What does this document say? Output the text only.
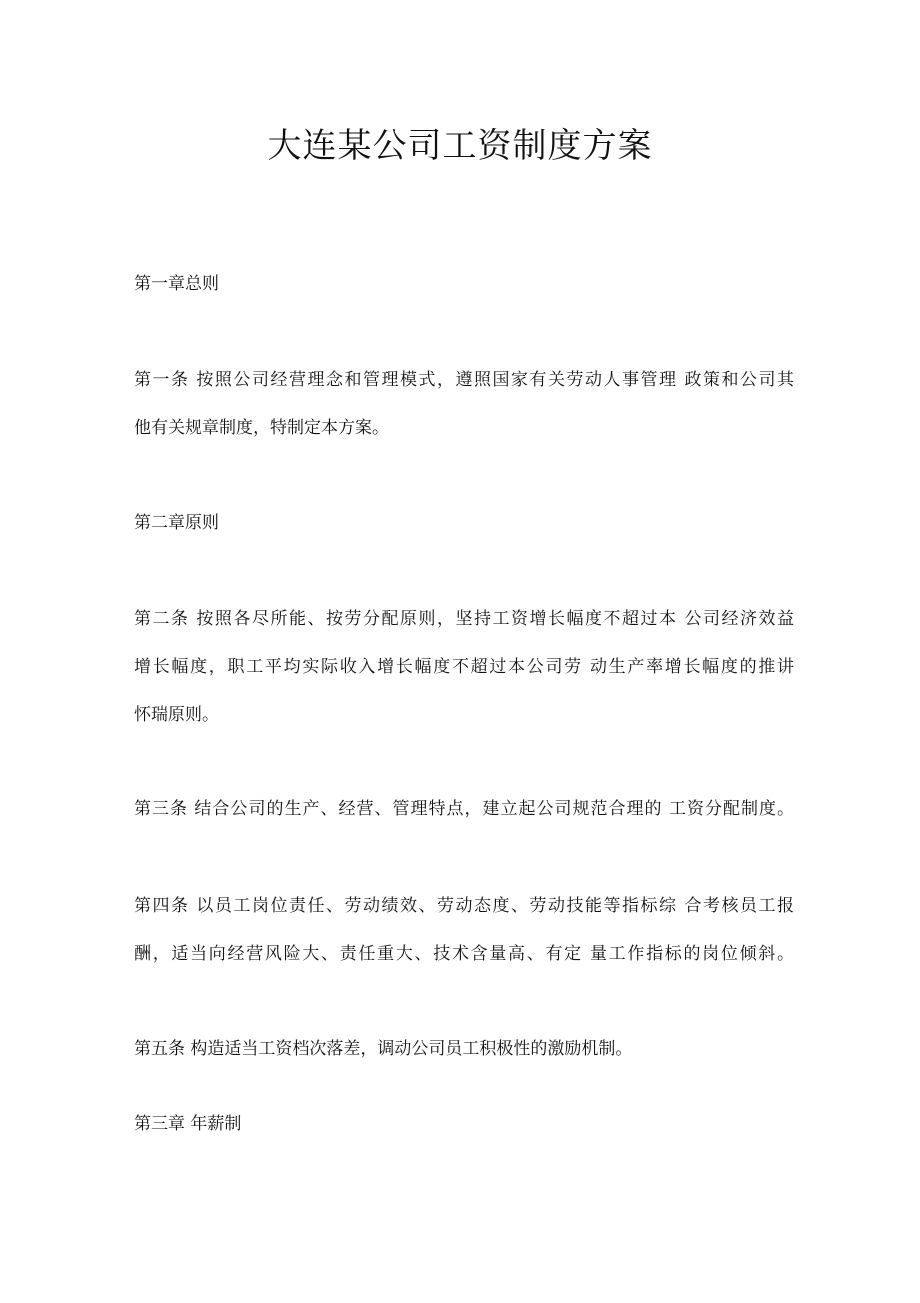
大连某公司工资制度方案

第一章总则

第一条 按照公司经营理念和管理模式，遵照国家有关劳动人事管理 政策和公司其

他有关规章制度，特制定本方案。

第二章原则

第二条 按照各尽所能、按劳分配原则，坚持工资增长幅度不超过本 公司经济效益

增长幅度，职工平均实际收入增长幅度不超过本公司劳 动生产率增长幅度的推讲

怀瑞原则。

第三条 结合公司的生产、经营、管理特点，建立起公司规范合理的 工资分配制度。

第四条 以员工岗位责任、劳动绩效、劳动态度、劳动技能等指标综 合考核员工报

酬，适当向经营风险大、责任重大、技术含量高、有定 量工作指标的岗位倾斜。

第五条 构造适当工资档次落差，调动公司员工积极性的激励机制。

第三章 年薪制
